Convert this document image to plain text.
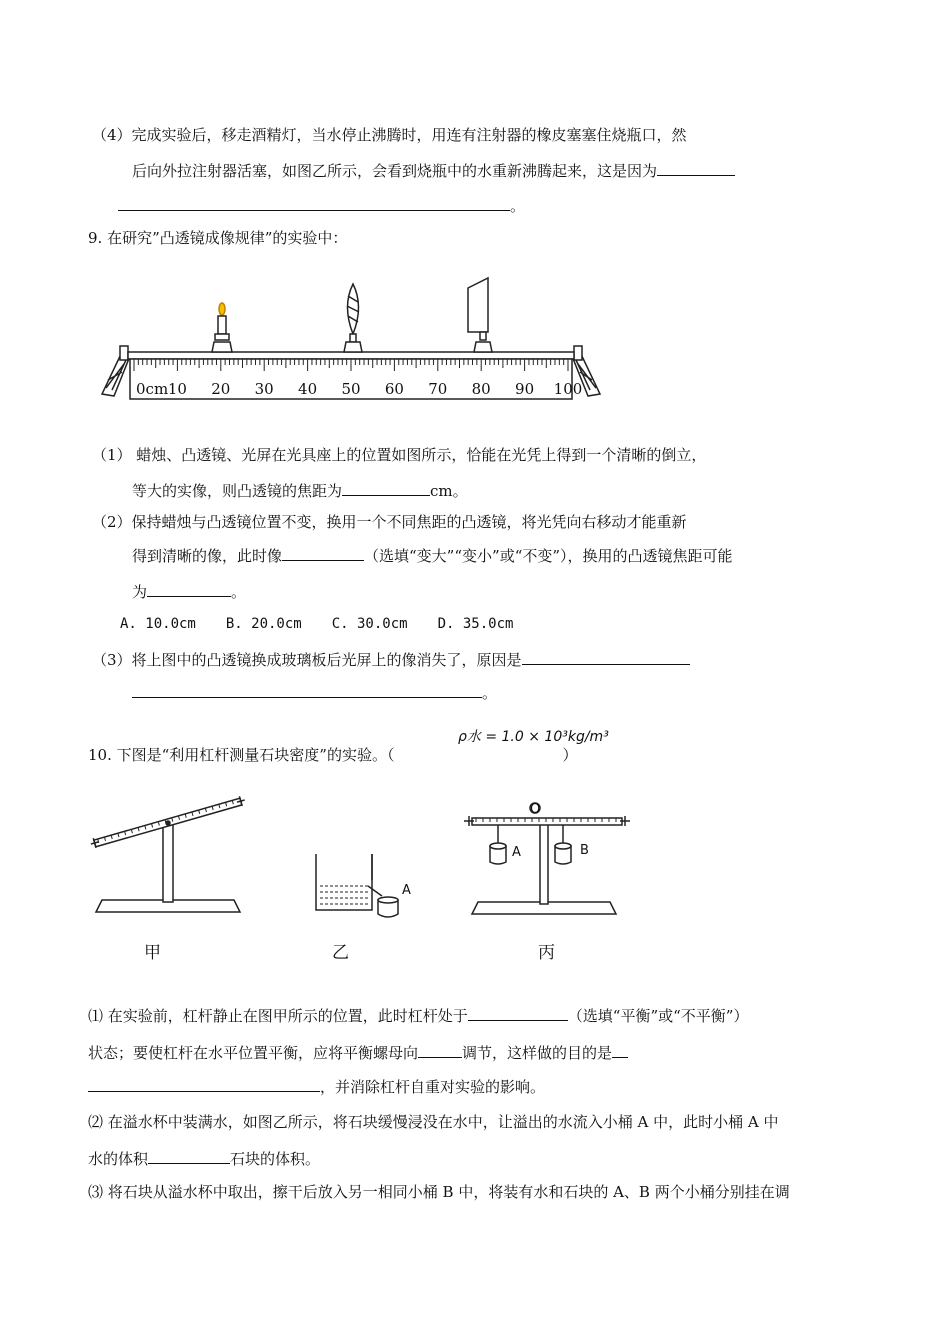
（4）完成实验后，移走酒精灯，当水停止沸腾时，用连有注射器的橡皮塞塞住烧瓶口，然
后向外拉注射器活塞，如图乙所示，会看到烧瓶中的水重新沸腾起来，这是因为
。
9. 在研究”凸透镜成像规律”的实验中：
0cm 10 20 30 40 50 60 70 80 90 100
（1） 蜡烛、凸透镜、光屏在光具座上的位置如图所示，恰能在光凭上得到一个清晰的倒立，
等大的实像，则凸透镜的焦距为	cm。
（2）保持蜡烛与凸透镜位置不变，换用一个不同焦距的凸透镜，将光凭向右移动才能重新
得到清晰的像，此时像	（选填“变大”“变小”或“不变”），换用的凸透镜焦距可能
为	。
A. 10.0cm B. 20.0cm C. 30.0cm D. 35.0cm
（3）将上图中的凸透镜换成玻璃板后光屏上的像消失了，原因是
。
10. 下图是“利用杠杆测量石块密度”的实验。（	）
ρ水 = 1.0 × 10³kg/m³
A
O
A	B
甲	乙	丙
⑴ 在实验前，杠杆静止在图甲所示的位置，此时杠杆处于	（选填“平衡”或“不平衡”）
状态；要使杠杆在水平位置平衡，应将平衡螺母向	调节，这样做的目的是
，并消除杠杆自重对实验的影响。
⑵ 在溢水杯中装满水，如图乙所示，将石块缓慢浸没在水中，让溢出的水流入小桶 A 中，此时小桶 A 中
水的体积	石块的体积。
⑶ 将石块从溢水杯中取出，擦干后放入另一相同小桶 B 中，将装有水和石块的 A、B 两个小桶分别挂在调
